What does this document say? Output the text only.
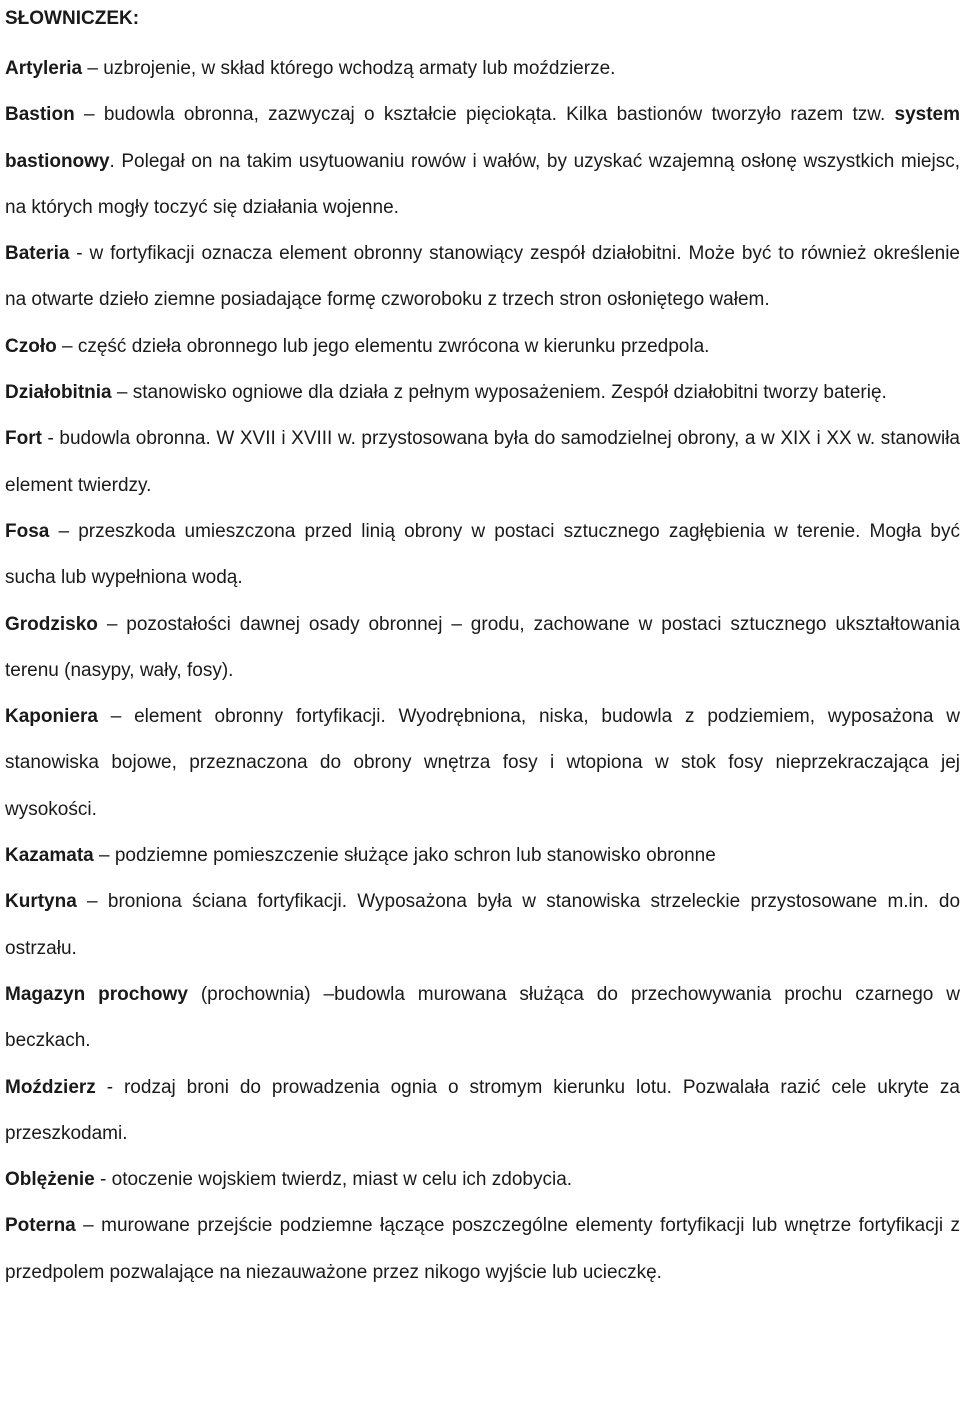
SŁOWNICZEK:

Artyleria – uzbrojenie, w skład którego wchodzą armaty lub moździerze.

Bastion – budowla obronna, zazwyczaj o kształcie pięciokąta. Kilka bastionów tworzyło razem tzw. system bastionowy. Polegał on na takim usytuowaniu rowów i wałów, by uzyskać wzajemną osłonę wszystkich miejsc, na których mogły toczyć się działania wojenne.

Bateria - w fortyfikacji oznacza element obronny stanowiący zespół działobitni. Może być to również określenie na otwarte dzieło ziemne posiadające formę czworoboku z trzech stron osłoniętego wałem.

Czoło – część dzieła obronnego lub jego elementu zwrócona w kierunku przedpola.

Działobitnia – stanowisko ogniowe dla działa z pełnym wyposażeniem. Zespół działobitni tworzy baterię.

Fort - budowla obronna. W XVII i XVIII w. przystosowana była do samodzielnej obrony, a w XIX i XX w. stanowiła element twierdzy.

Fosa – przeszkoda umieszczona przed linią obrony w postaci sztucznego zagłębienia w terenie. Mogła być sucha lub wypełniona wodą.

Grodzisko – pozostałości dawnej osady obronnej – grodu, zachowane w postaci sztucznego ukształtowania terenu (nasypy, wały, fosy).

Kaponiera – element obronny fortyfikacji. Wyodrębniona, niska, budowla z podziemiem, wyposażona w stanowiska bojowe, przeznaczona do obrony wnętrza fosy i wtopiona w stok fosy nieprzekraczająca jej wysokości.

Kazamata – podziemne pomieszczenie służące jako schron lub stanowisko obronne

Kurtyna – broniona ściana fortyfikacji. Wyposażona była w stanowiska strzeleckie przystosowane m.in. do ostrzału.

Magazyn prochowy (prochownia) –budowla murowana służąca do przechowywania prochu czarnego w beczkach.

Moździerz - rodzaj broni do prowadzenia ognia o stromym kierunku lotu. Pozwalała razić cele ukryte za przeszkodami.

Oblężenie - otoczenie wojskiem twierdz, miast w celu ich zdobycia.

Poterna – murowane przejście podziemne łączące poszczególne elementy fortyfikacji lub wnętrze fortyfikacji z przedpolem pozwalające na niezauważone przez nikogo wyjście lub ucieczkę.
